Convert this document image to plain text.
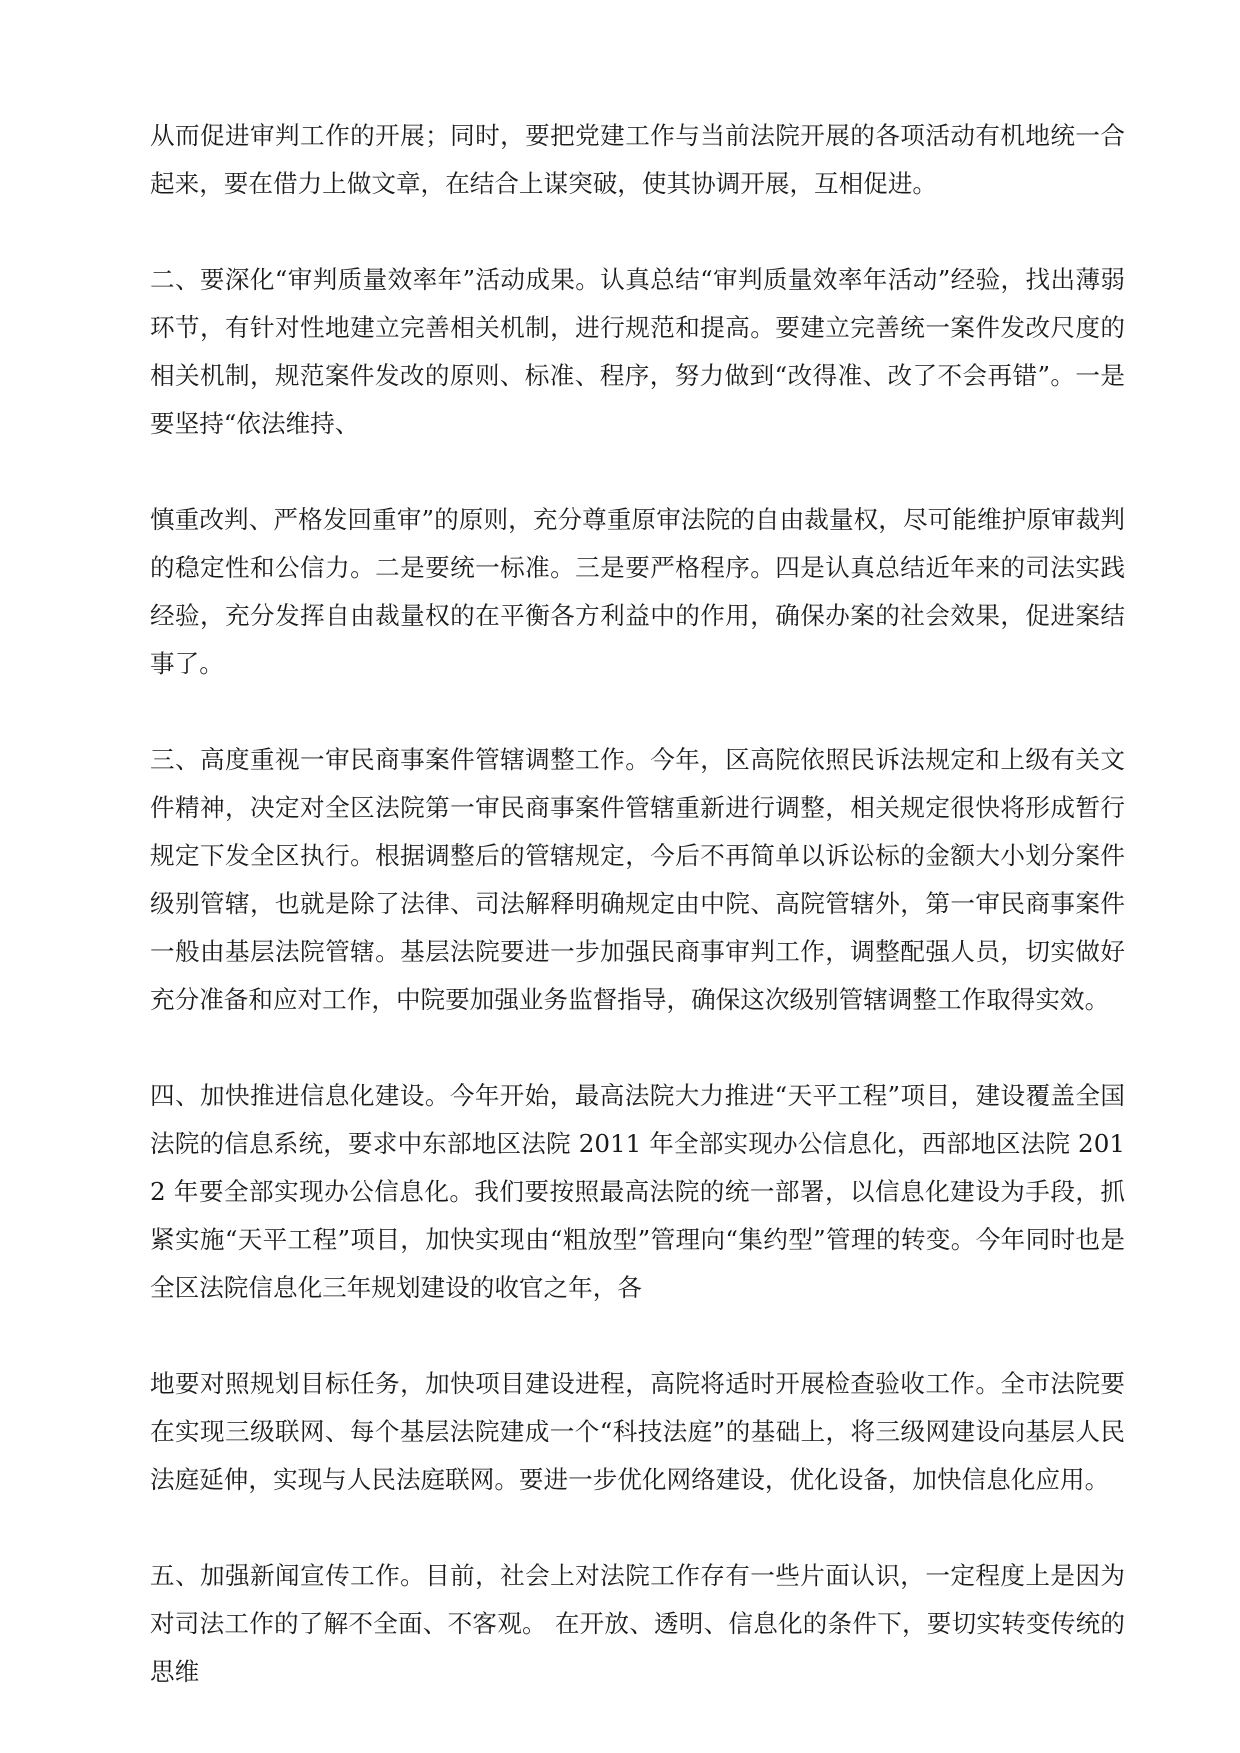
从而促进审判工作的开展；同时，要把党建工作与当前法院开展的各项活动有机地统一合起来，要在借力上做文章，在结合上谋突破，使其协调开展，互相促进。

二、要深化“审判质量效率年”活动成果。认真总结“审判质量效率年活动”经验，找出薄弱环节，有针对性地建立完善相关机制，进行规范和提高。要建立完善统一案件发改尺度的相关机制，规范案件发改的原则、标准、程序，努力做到“改得准、改了不会再错”。一是要坚持“依法维持、

慎重改判、严格发回重审”的原则，充分尊重原审法院的自由裁量权，尽可能维护原审裁判的稳定性和公信力。二是要统一标准。三是要严格程序。四是认真总结近年来的司法实践经验，充分发挥自由裁量权的在平衡各方利益中的作用，确保办案的社会效果，促进案结事了。

三、高度重视一审民商事案件管辖调整工作。今年，区高院依照民诉法规定和上级有关文件精神，决定对全区法院第一审民商事案件管辖重新进行调整，相关规定很快将形成暂行规定下发全区执行。根据调整后的管辖规定，今后不再简单以诉讼标的金额大小划分案件级别管辖，也就是除了法律、司法解释明确规定由中院、高院管辖外，第一审民商事案件一般由基层法院管辖。基层法院要进一步加强民商事审判工作，调整配强人员，切实做好充分准备和应对工作，中院要加强业务监督指导，确保这次级别管辖调整工作取得实效。

四、加快推进信息化建设。今年开始，最高法院大力推进“天平工程”项目，建设覆盖全国法院的信息系统，要求中东部地区法院 2011 年全部实现办公信息化，西部地区法院 2012 年要全部实现办公信息化。我们要按照最高法院的统一部署，以信息化建设为手段，抓紧实施“天平工程”项目，加快实现由“粗放型”管理向“集约型”管理的转变。今年同时也是全区法院信息化三年规划建设的收官之年，各

地要对照规划目标任务，加快项目建设进程，高院将适时开展检查验收工作。全市法院要在实现三级联网、每个基层法院建成一个“科技法庭”的基础上，将三级网建设向基层人民法庭延伸，实现与人民法庭联网。要进一步优化网络建设，优化设备，加快信息化应用。

五、加强新闻宣传工作。目前，社会上对法院工作存有一些片面认识，一定程度上是因为对司法工作的了解不全面、不客观。 在开放、透明、信息化的条件下，要切实转变传统的思维
